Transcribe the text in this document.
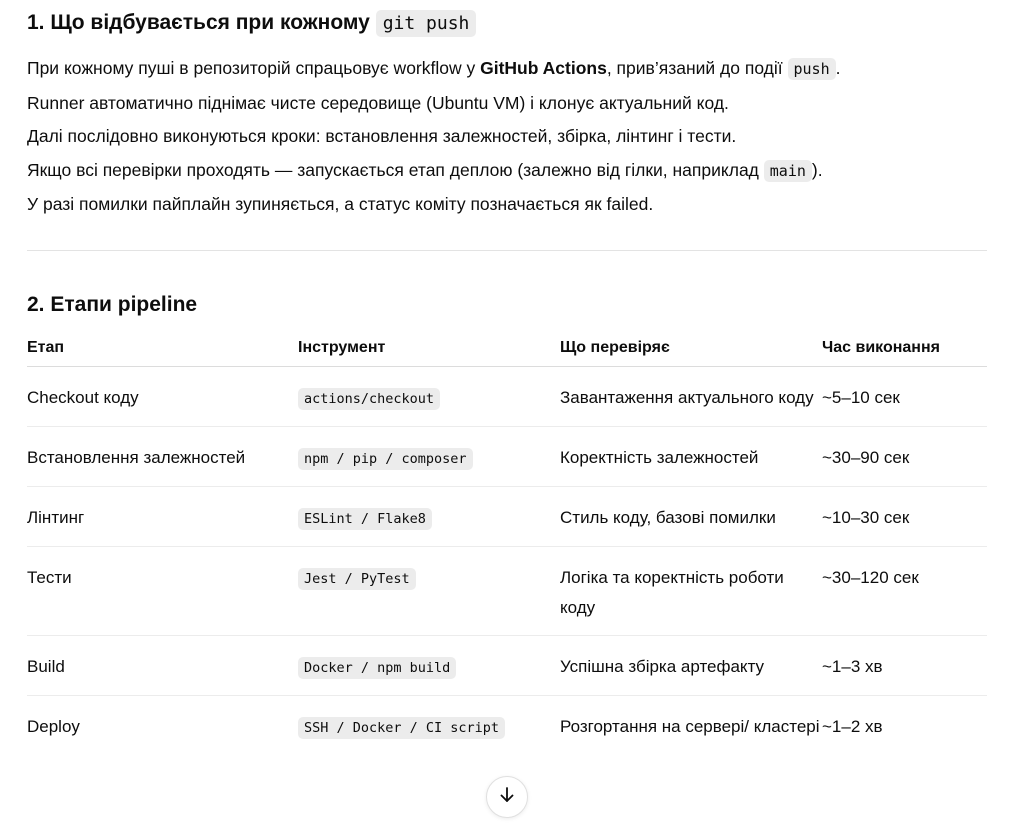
1. Що відбувається при кожному git push
При кожному пуші в репозиторій спрацьовує workflow у GitHub Actions, прив’язаний до події push .
Runner автоматично піднімає чисте середовище (Ubuntu VM) і клонує актуальний код.
Далі послідовно виконуються кроки: встановлення залежностей, збірка, лінтинг і тести.
Якщо всі перевірки проходять — запускається етап деплою (залежно від гілки, наприклад main ).
У разі помилки пайплайн зупиняється, а статус коміту позначається як failed.
2. Етапи pipeline
Етап	Інструмент	Що перевіряє	Час виконання
Checkout коду	actions/checkout	Завантаження актуального коду	~5–10 сек
Встановлення залежностей	npm / pip / composer	Коректність залежностей	~30–90 сек
Лінтинг	ESLint / Flake8	Стиль коду, базові помилки	~10–30 сек
Тести	Jest / PyTest	Логіка та коректність роботи коду	~30–120 сек
Build	Docker / npm build	Успішна збірка артефакту	~1–3 хв
Deploy	SSH / Docker / CI script	Розгортання на сервері/ кластері	~1–2 хв
